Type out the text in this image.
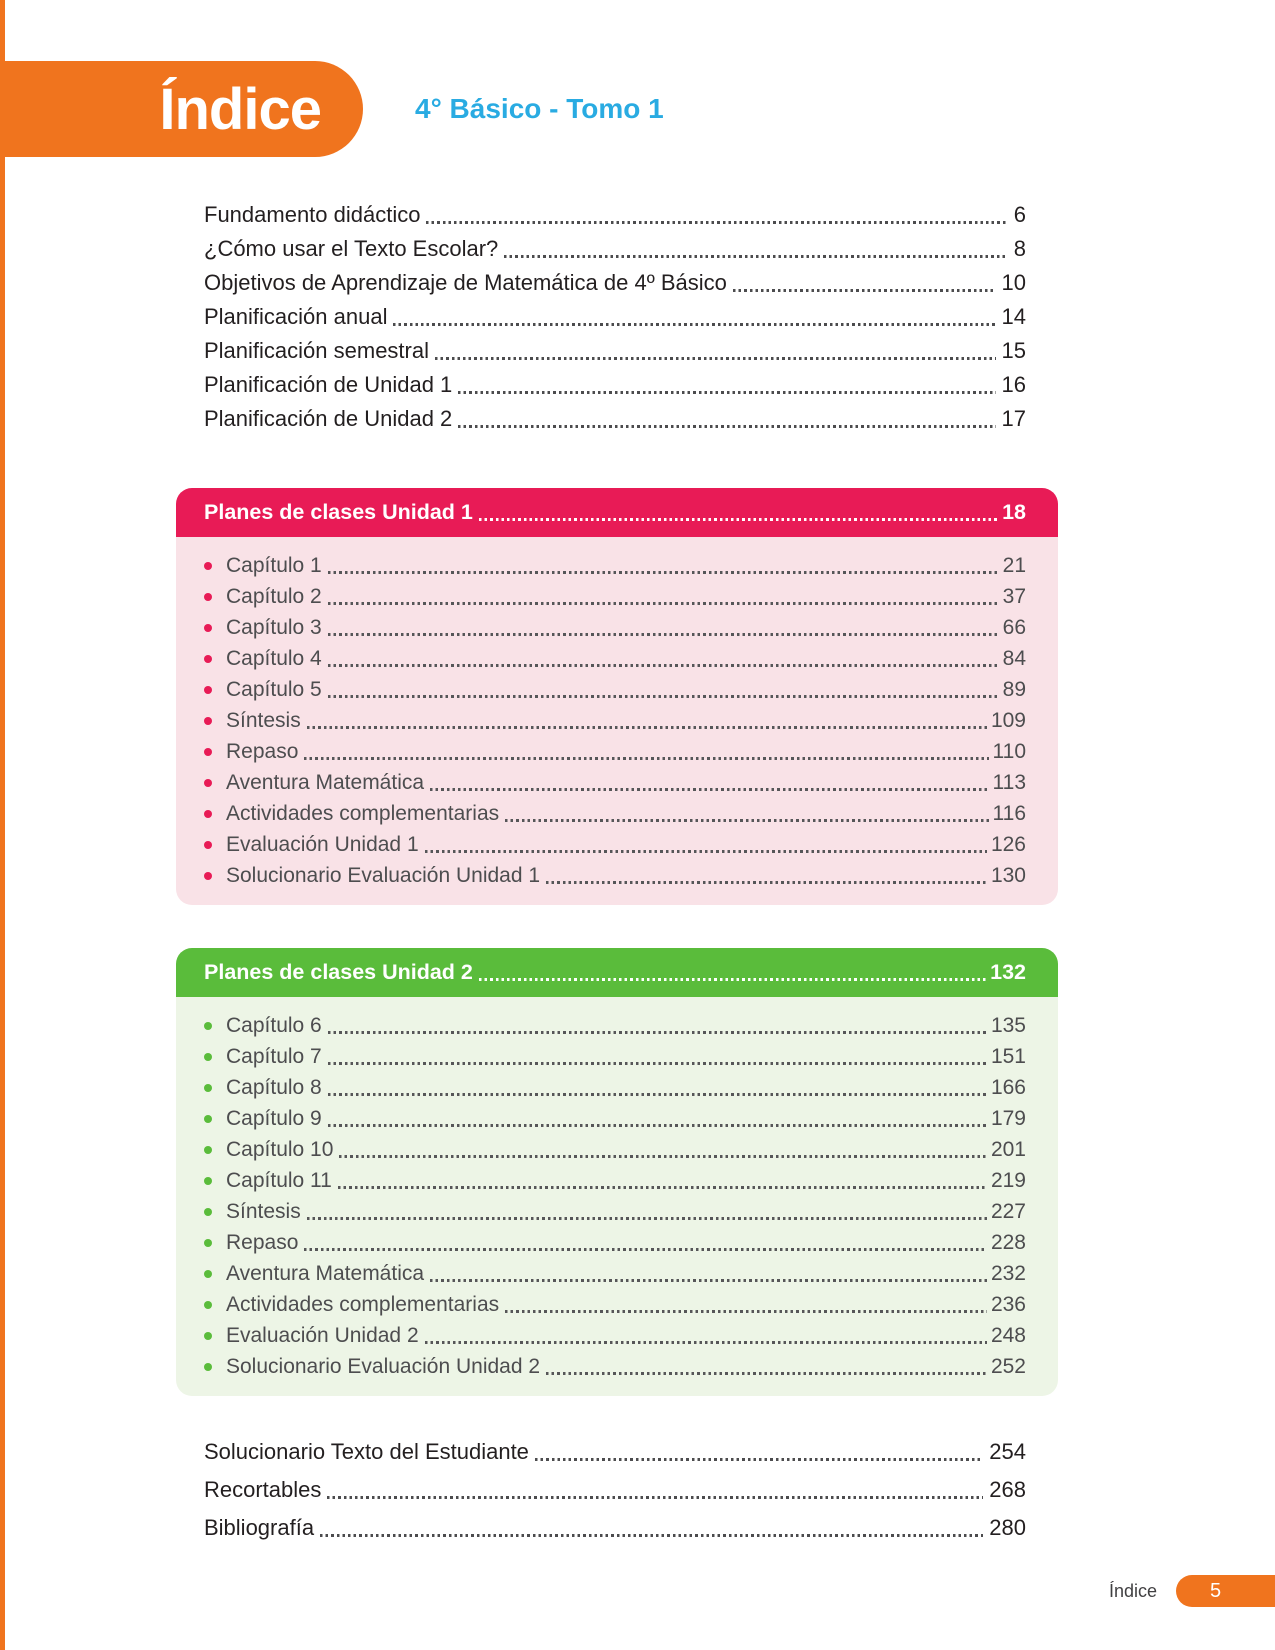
Índice	4° Básico - Tomo 1
Fundamento didáctico	6
¿Cómo usar el Texto Escolar?	8
Objetivos de Aprendizaje de Matemática de 4º Básico	10
Planificación anual	14
Planificación semestral	15
Planificación de Unidad 1	16
Planificación de Unidad 2	17
Planes de clases Unidad 1	18
Capítulo 1	21
Capítulo 2	37
Capítulo 3	66
Capítulo 4	84
Capítulo 5	89
Síntesis	109
Repaso	110
Aventura Matemática	113
Actividades complementarias	116
Evaluación Unidad 1	126
Solucionario Evaluación Unidad 1	130
Planes de clases Unidad 2	132
Capítulo 6	135
Capítulo 7	151
Capítulo 8	166
Capítulo 9	179
Capítulo 10	201
Capítulo 11	219
Síntesis	227
Repaso	228
Aventura Matemática	232
Actividades complementarias	236
Evaluación Unidad 2	248
Solucionario Evaluación Unidad 2	252
Solucionario Texto del Estudiante	254
Recortables	268
Bibliografía	280
Índice	5
